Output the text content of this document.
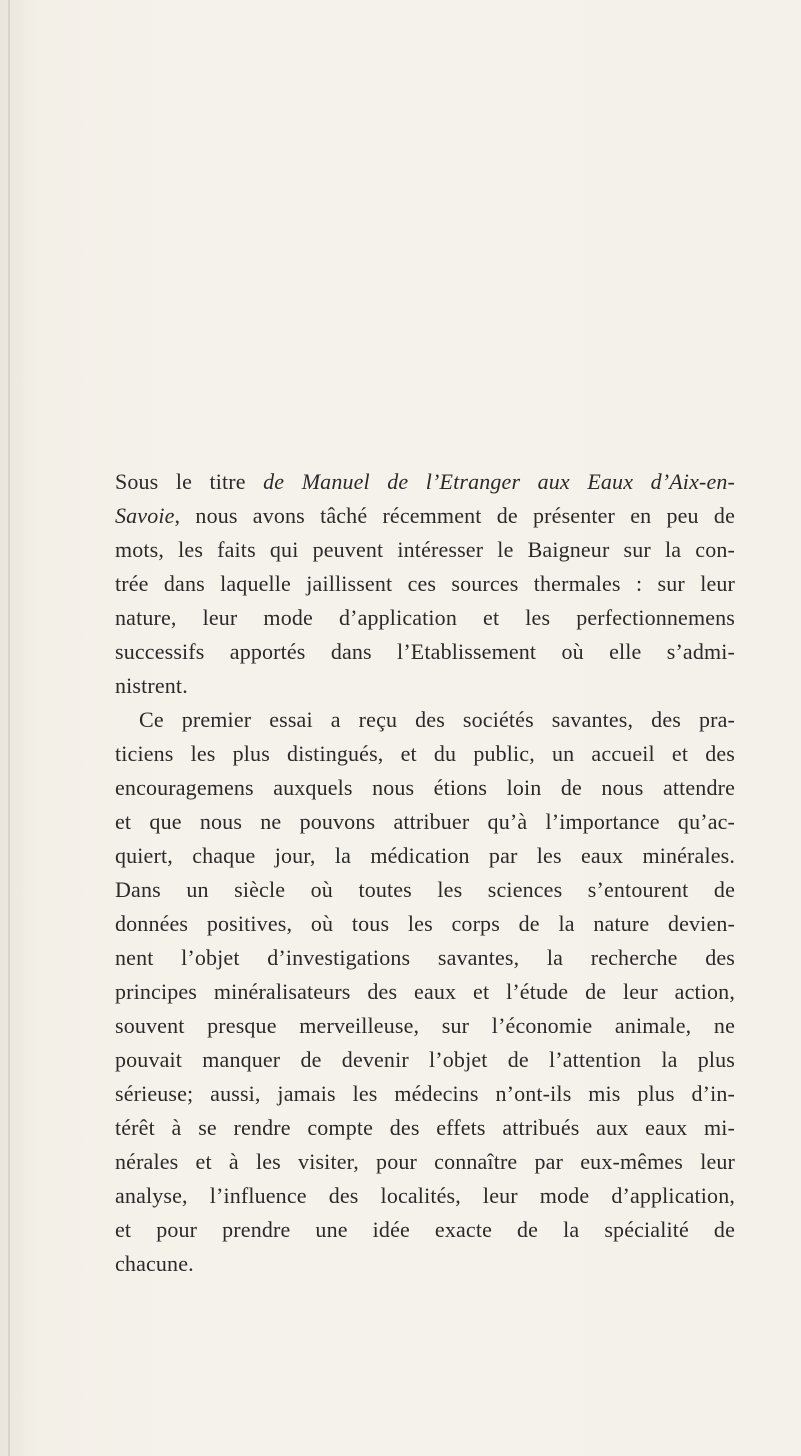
Sous le titre de Manuel de l’Etranger aux Eaux d’Aix-en-
Savoie, nous avons tâché récemment de présenter en peu de
mots, les faits qui peuvent intéresser le Baigneur sur la con-
trée dans laquelle jaillissent ces sources thermales : sur leur
nature, leur mode d’application et les perfectionnemens
successifs apportés dans l’Etablissement où elle s’admi-
nistrent.
Ce premier essai a reçu des sociétés savantes, des pra-
ticiens les plus distingués, et du public, un accueil et des
encouragemens auxquels nous étions loin de nous attendre
et que nous ne pouvons attribuer qu’à l’importance qu’ac-
quiert, chaque jour, la médication par les eaux minérales.
Dans un siècle où toutes les sciences s’entourent de
données positives, où tous les corps de la nature devien-
nent l’objet d’investigations savantes, la recherche des
principes minéralisateurs des eaux et l’étude de leur action,
souvent presque merveilleuse, sur l’économie animale, ne
pouvait manquer de devenir l’objet de l’attention la plus
sérieuse; aussi, jamais les médecins n’ont-ils mis plus d’in-
térêt à se rendre compte des effets attribués aux eaux mi-
nérales et à les visiter, pour connaître par eux-mêmes leur
analyse, l’influence des localités, leur mode d’application,
et pour prendre une idée exacte de la spécialité de
chacune.
